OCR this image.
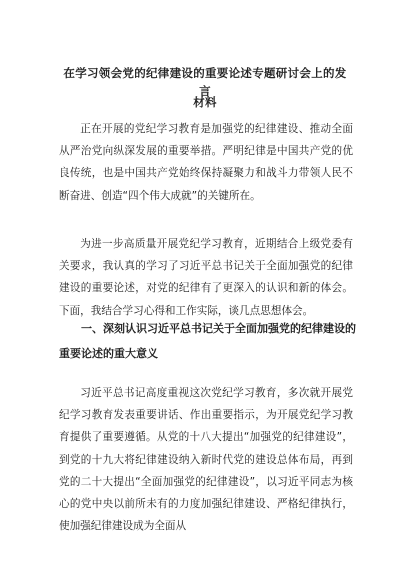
在学习领会党的纪律建设的重要论述专题研讨会上的发言
材料
正在开展的党纪学习教育是加强党的纪律建设、推动全面从严治党向纵深发展的重要举措。严明纪律是中国共产党的优良传统，也是中国共产党始终保持凝聚力和战斗力带领人民不断奋进、创造“四个伟大成就”的关键所在。
为进一步高质量开展党纪学习教育，近期结合上级党委有关要求，我认真的学习了习近平总书记关于全面加强党的纪律建设的重要论述，对党的纪律有了更深入的认识和新的体会。下面，我结合学习心得和工作实际，谈几点思想体会。
一、深刻认识习近平总书记关于全面加强党的纪律建设的重要论述的重大意义
习近平总书记高度重视这次党纪学习教育，多次就开展党纪学习教育发表重要讲话、作出重要指示，为开展党纪学习教育提供了重要遵循。从党的十八大提出“加强党的纪律建设”，到党的十九大将纪律建设纳入新时代党的建设总体布局，再到党的二十大提出“全面加强党的纪律建设”，以习近平同志为核心的党中央以前所未有的力度加强纪律建设、严格纪律执行，使加强纪律建设成为全面从
